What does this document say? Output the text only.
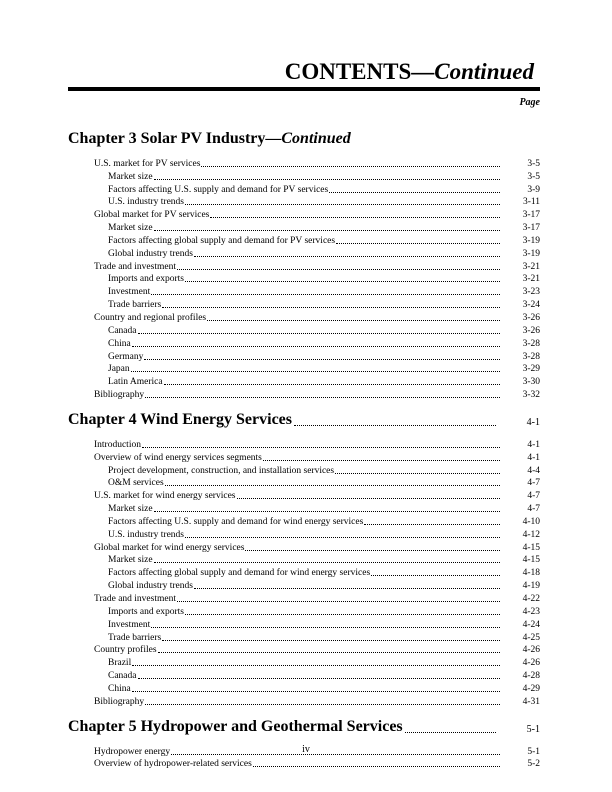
CONTENTS—Continued
Page
Chapter 3 Solar PV Industry—Continued
U.S. market for PV services	3-5
Market size	3-5
Factors affecting U.S. supply and demand for PV services	3-9
U.S. industry trends	3-11
Global market for PV services	3-17
Market size	3-17
Factors affecting global supply and demand for PV services	3-19
Global industry trends	3-19
Trade and investment	3-21
Imports and exports	3-21
Investment	3-23
Trade barriers	3-24
Country and regional profiles	3-26
Canada	3-26
China	3-28
Germany	3-28
Japan	3-29
Latin America	3-30
Bibliography	3-32
Chapter 4 Wind Energy Services	4-1
Introduction	4-1
Overview of wind energy services segments	4-1
Project development, construction, and installation services	4-4
O&M services	4-7
U.S. market for wind energy services	4-7
Market size	4-7
Factors affecting U.S. supply and demand for wind energy services	4-10
U.S. industry trends	4-12
Global market for wind energy services	4-15
Market size	4-15
Factors affecting global supply and demand for wind energy services	4-18
Global industry trends	4-19
Trade and investment	4-22
Imports and exports	4-23
Investment	4-24
Trade barriers	4-25
Country profiles	4-26
Brazil	4-26
Canada	4-28
China	4-29
Bibliography	4-31
Chapter 5 Hydropower and Geothermal Services	5-1
Hydropower energy	5-1
Overview of hydropower-related services	5-2
iv
